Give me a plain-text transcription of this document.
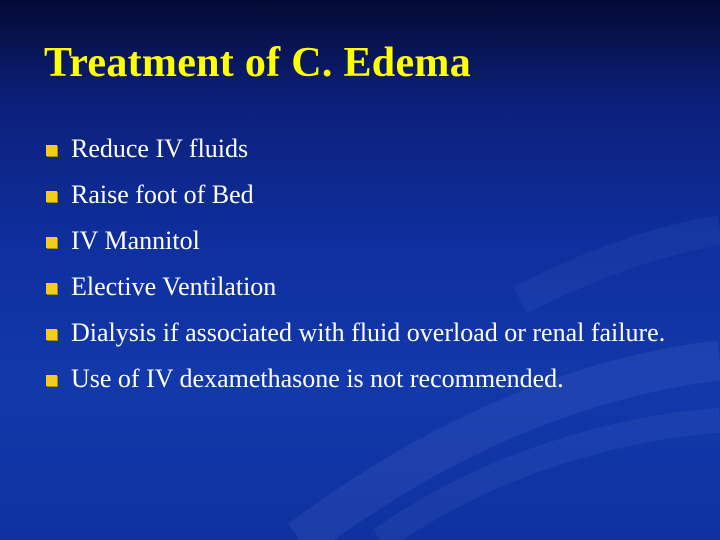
Treatment of C. Edema
Reduce IV fluids
Raise foot of Bed
IV Mannitol
Elective Ventilation
Dialysis if associated with fluid overload or renal failure.
Use of IV dexamethasone is not recommended.
